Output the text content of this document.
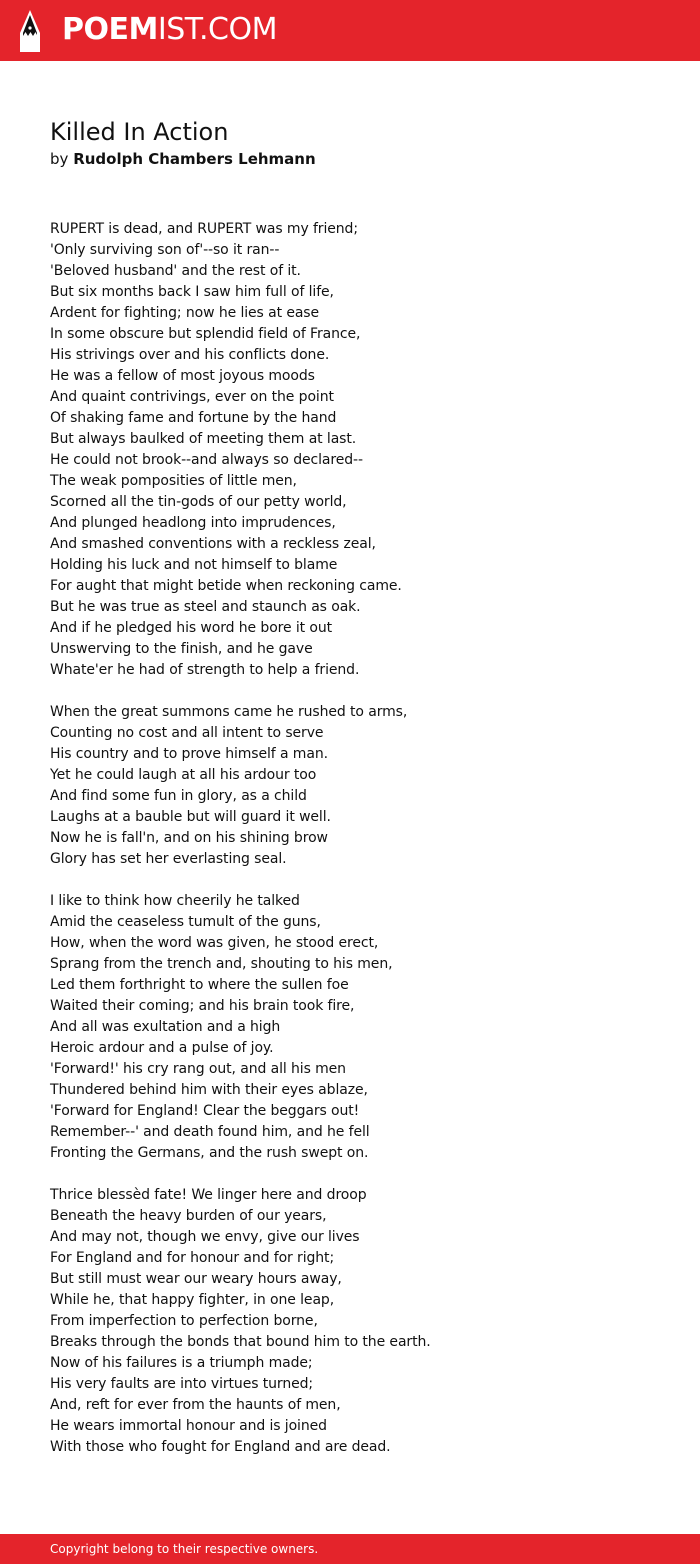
POEMIST.COM
Killed In Action
by Rudolph Chambers Lehmann
RUPERT is dead, and RUPERT was my friend;
'Only surviving son of'--so it ran--
'Beloved husband' and the rest of it.
But six months back I saw him full of life,
Ardent for fighting; now he lies at ease
In some obscure but splendid field of France,
His strivings over and his conflicts done.
He was a fellow of most joyous moods
And quaint contrivings, ever on the point
Of shaking fame and fortune by the hand
But always baulked of meeting them at last.
He could not brook--and always so declared--
The weak pomposities of little men,
Scorned all the tin-gods of our petty world,
And plunged headlong into imprudences,
And smashed conventions with a reckless zeal,
Holding his luck and not himself to blame
For aught that might betide when reckoning came.
But he was true as steel and staunch as oak.
And if he pledged his word he bore it out
Unswerving to the finish, and he gave
Whate'er he had of strength to help a friend.
When the great summons came he rushed to arms,
Counting no cost and all intent to serve
His country and to prove himself a man.
Yet he could laugh at all his ardour too
And find some fun in glory, as a child
Laughs at a bauble but will guard it well.
Now he is fall'n, and on his shining brow
Glory has set her everlasting seal.
I like to think how cheerily he talked
Amid the ceaseless tumult of the guns,
How, when the word was given, he stood erect,
Sprang from the trench and, shouting to his men,
Led them forthright to where the sullen foe
Waited their coming; and his brain took fire,
And all was exultation and a high
Heroic ardour and a pulse of joy.
'Forward!' his cry rang out, and all his men
Thundered behind him with their eyes ablaze,
'Forward for England! Clear the beggars out!
Remember--' and death found him, and he fell
Fronting the Germans, and the rush swept on.
Thrice blessèd fate! We linger here and droop
Beneath the heavy burden of our years,
And may not, though we envy, give our lives
For England and for honour and for right;
But still must wear our weary hours away,
While he, that happy fighter, in one leap,
From imperfection to perfection borne,
Breaks through the bonds that bound him to the earth.
Now of his failures is a triumph made;
His very faults are into virtues turned;
And, reft for ever from the haunts of men,
He wears immortal honour and is joined
With those who fought for England and are dead.
Copyright belong to their respective owners.
